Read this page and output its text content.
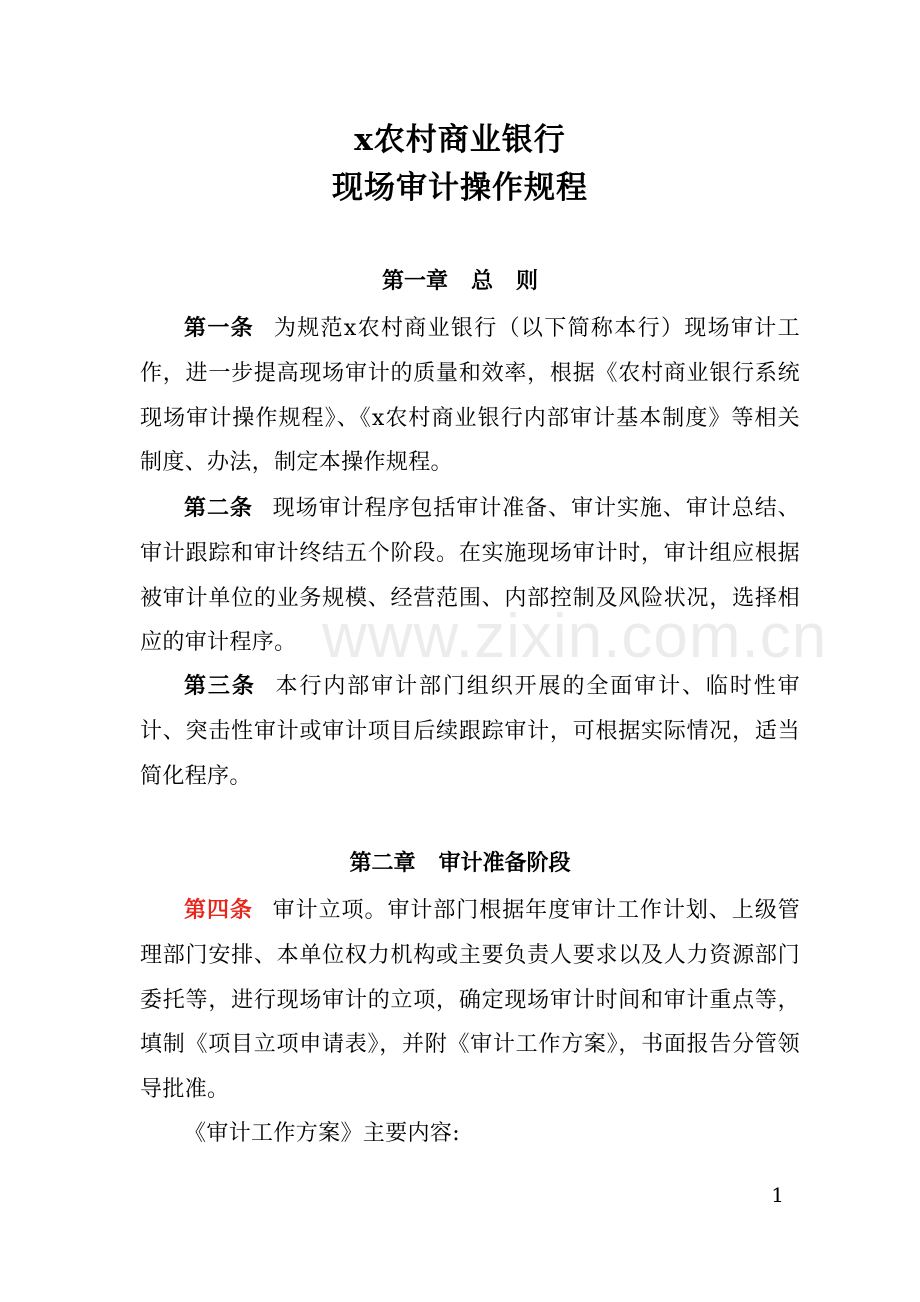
x农村商业银行
现场审计操作规程
第一章   总   则
第一条 为规范x农村商业银行（以下简称本行）现场审计工作，进一步提高现场审计的质量和效率，根据《农村商业银行系统现场审计操作规程》、《x农村商业银行内部审计基本制度》等相关制度、办法，制定本操作规程。
第二条 现场审计程序包括审计准备、审计实施、审计总结、审计跟踪和审计终结五个阶段。在实施现场审计时，审计组应根据被审计单位的业务规模、经营范围、内部控制及风险状况，选择相应的审计程序。
第三条 本行内部审计部门组织开展的全面审计、临时性审计、突击性审计或审计项目后续跟踪审计，可根据实际情况，适当简化程序。
第二章   审计准备阶段
第四条 审计立项。审计部门根据年度审计工作计划、上级管理部门安排、本单位权力机构或主要负责人要求以及人力资源部门委托等，进行现场审计的立项，确定现场审计时间和审计重点等，填制《项目立项申请表》，并附《审计工作方案》，书面报告分管领导批准。
《审计工作方案》主要内容:
www.zixin.com.cn
1
